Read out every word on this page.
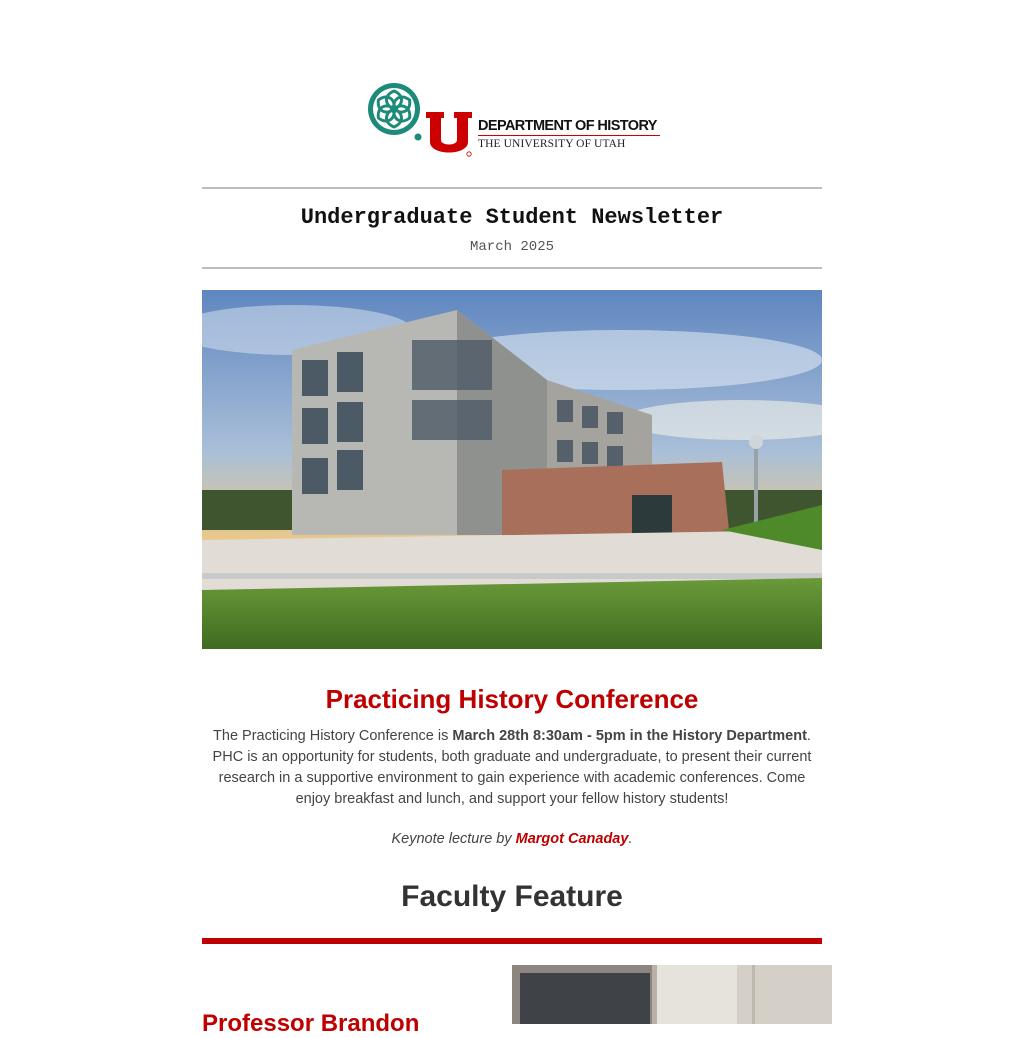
DEPARTMENT OF HISTORY
THE UNIVERSITY OF UTAH
Undergraduate Student Newsletter
March 2025
Practicing History Conference
The Practicing History Conference is March 28th 8:30am - 5pm in the History Department. PHC is an opportunity for students, both graduate and undergraduate, to present their current research in a supportive environment to gain experience with academic conferences. Come enjoy breakfast and lunch, and support your fellow history students!
Keynote lecture by Margot Canaday.
Faculty Feature
Professor Brandon
